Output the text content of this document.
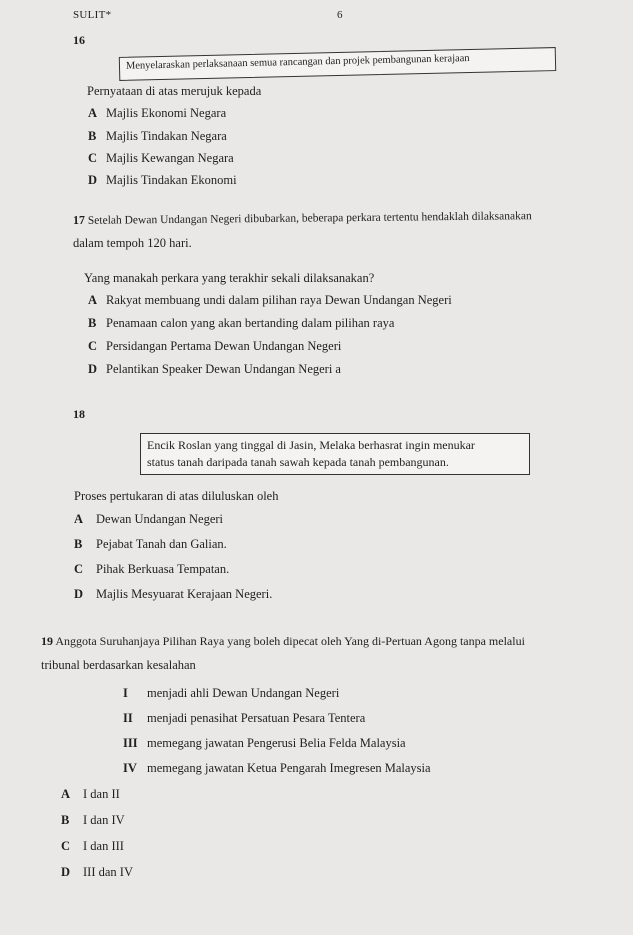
SULIT*	6
16
Menyelaraskan perlaksanaan semua rancangan dan projek pembangunan kerajaan
Pernyataan di atas merujuk kepada
A Majlis Ekonomi Negara
B Majlis Tindakan Negara
C Majlis Kewangan Negara
D Majlis Tindakan Ekonomi
17 Setelah Dewan Undangan Negeri dibubarkan, beberapa perkara tertentu hendaklah dilaksanakan
dalam tempoh 120 hari.
Yang manakah perkara yang terakhir sekali dilaksanakan?
A Rakyat membuang undi dalam pilihan raya Dewan Undangan Negeri
B Penamaan calon yang akan bertanding dalam pilihan raya
C Persidangan Pertama Dewan Undangan Negeri
D Pelantikan Speaker Dewan Undangan Negeri a
18
Encik Roslan yang tinggal di Jasin, Melaka berhasrat ingin menukar
status tanah daripada tanah sawah kepada tanah pembangunan.
Proses pertukaran di atas diluluskan oleh
A Dewan Undangan Negeri
B Pejabat Tanah dan Galian.
C Pihak Berkuasa Tempatan.
D Majlis Mesyuarat Kerajaan Negeri.
19 Anggota Suruhanjaya Pilihan Raya yang boleh dipecat oleh Yang di-Pertuan Agong tanpa melalui
tribunal berdasarkan kesalahan
I menjadi ahli Dewan Undangan Negeri
II menjadi penasihat Persatuan Pesara Tentera
III memegang jawatan Pengerusi Belia Felda Malaysia
IV memegang jawatan Ketua Pengarah Imegresen Malaysia
A I dan II
B I dan IV
C I dan III
D III dan IV
